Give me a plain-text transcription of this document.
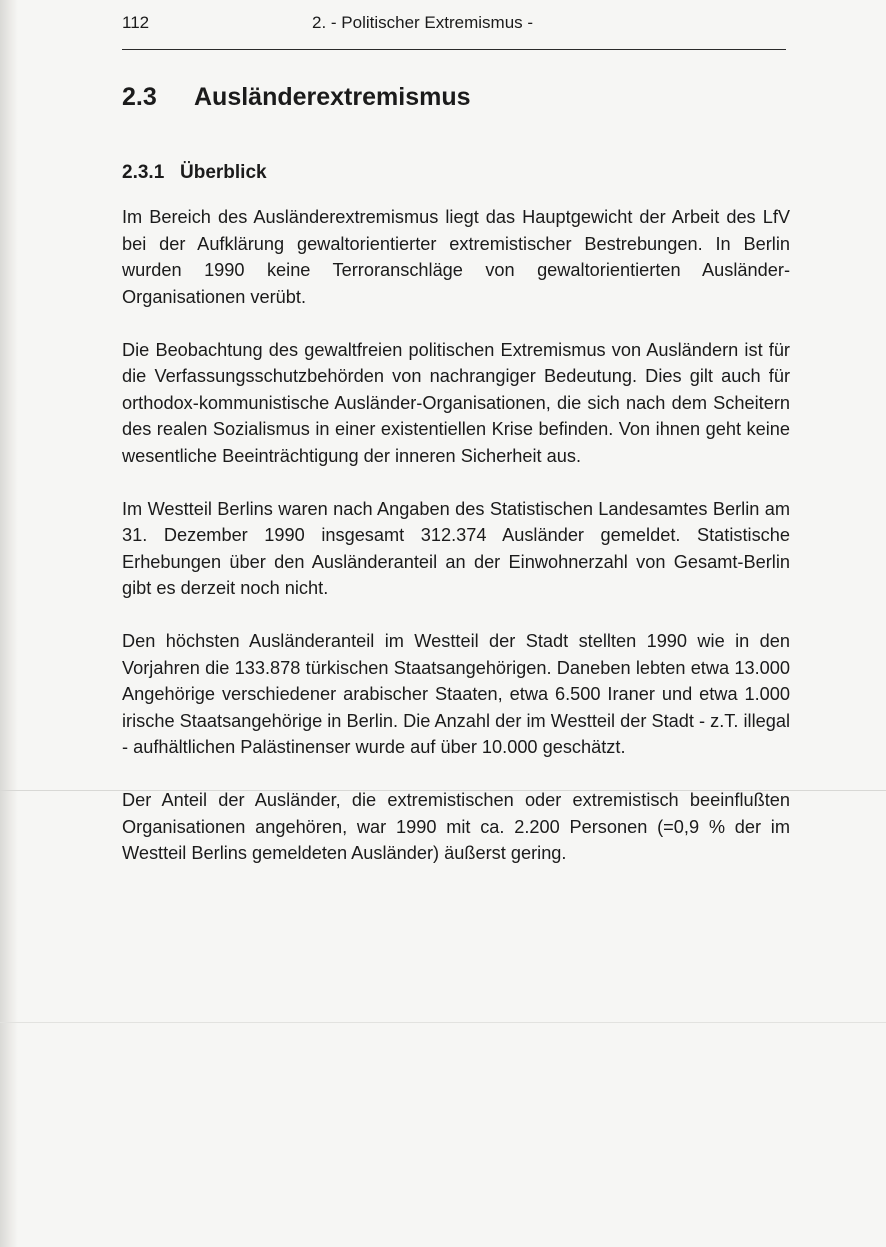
112	2. - Politischer Extremismus -
2.3 Ausländerextremismus
2.3.1 Überblick

Im Bereich des Ausländerextremismus liegt das Hauptgewicht der Arbeit des LfV bei der Aufklärung gewaltorientierter extremistischer Bestrebungen. In Berlin wurden 1990 keine Terroranschläge von gewaltorientierten Ausländer-Organisationen verübt.

Die Beobachtung des gewaltfreien politischen Extremismus von Ausländern ist für die Verfassungsschutzbehörden von nachrangiger Bedeutung. Dies gilt auch für orthodox-kommunistische Ausländer-Organisationen, die sich nach dem Scheitern des realen Sozialismus in einer existentiellen Krise befinden. Von ihnen geht keine wesentliche Beeinträchtigung der inneren Sicherheit aus.

Im Westteil Berlins waren nach Angaben des Statistischen Landesamtes Berlin am 31. Dezember 1990 insgesamt 312.374 Ausländer gemeldet. Statistische Erhebungen über den Ausländeranteil an der Einwohnerzahl von Gesamt-Berlin gibt es derzeit noch nicht.

Den höchsten Ausländeranteil im Westteil der Stadt stellten 1990 wie in den Vorjahren die 133.878 türkischen Staatsangehörigen. Daneben lebten etwa 13.000 Angehörige verschiedener arabischer Staaten, etwa 6.500 Iraner und etwa 1.000 irische Staatsangehörige in Berlin. Die Anzahl der im Westteil der Stadt - z.T. illegal - aufhältlichen Palästinenser wurde auf über 10.000 geschätzt.

Der Anteil der Ausländer, die extremistischen oder extremistisch beeinflußten Organisationen angehören, war 1990 mit ca. 2.200 Personen (=0,9 % der im Westteil Berlins gemeldeten Ausländer) äußerst gering.
